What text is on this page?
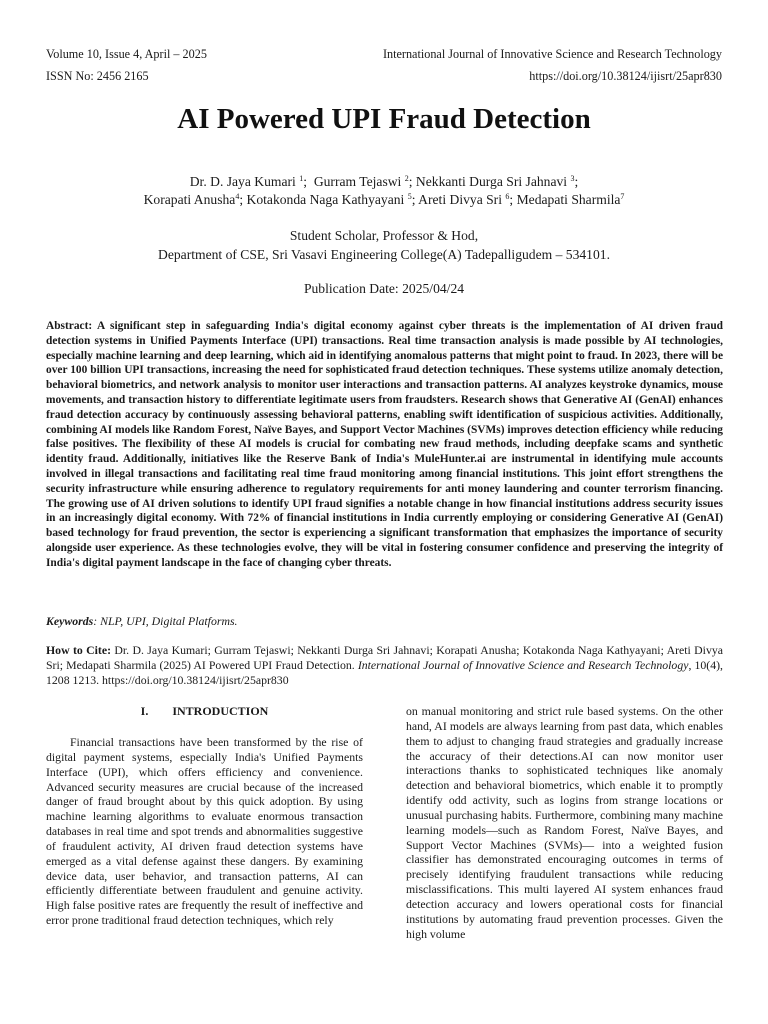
Volume 10, Issue 4, April – 2025
ISSN No: 2456 2165
International Journal of Innovative Science and Research Technology
https://doi.org/10.38124/ijisrt/25apr830
AI Powered UPI Fraud Detection
Dr. D. Jaya Kumari $^1$;  Gurram Tejaswi $^2$; Nekkanti Durga Sri Jahnavi $^3$;
Korapati Anusha$^4$; Kotakonda Naga Kathyayani $^5$; Areti Divya Sri $^6$; Medapati Sharmila$^7$
Student Scholar, Professor & Hod,
Department of CSE, Sri Vasavi Engineering College(A) Tadepalligudem – 534101.
Publication Date: 2025/04/24
Abstract: A significant step in safeguarding India's digital economy against cyber threats is the implementation of AI driven fraud detection systems in Unified Payments Interface (UPI) transactions. Real time transaction analysis is made possible by AI technologies, especially machine learning and deep learning, which aid in identifying anomalous patterns that might point to fraud. In 2023, there will be over 100 billion UPI transactions, increasing the need for sophisticated fraud detection techniques. These systems utilize anomaly detection, behavioral biometrics, and network analysis to monitor user interactions and transaction patterns. AI analyzes keystroke dynamics, mouse movements, and transaction history to differentiate legitimate users from fraudsters. Research shows that Generative AI (GenAI) enhances fraud detection accuracy by continuously assessing behavioral patterns, enabling swift identification of suspicious activities. Additionally, combining AI models like Random Forest, Naïve Bayes, and Support Vector Machines (SVMs) improves detection efficiency while reducing false positives. The flexibility of these AI models is crucial for combating new fraud methods, including deepfake scams and synthetic identity fraud. Additionally, initiatives like the Reserve Bank of India's MuleHunter.ai are instrumental in identifying mule accounts involved in illegal transactions and facilitating real time fraud monitoring among financial institutions. This joint effort strengthens the security infrastructure while ensuring adherence to regulatory requirements for anti money laundering and counter terrorism financing. The growing use of AI driven solutions to identify UPI fraud signifies a notable change in how financial institutions address security issues in an increasingly digital economy. With 72% of financial institutions in India currently employing or considering Generative AI (GenAI) based technology for fraud prevention, the sector is experiencing a significant transformation that emphasizes the importance of security alongside user experience. As these technologies evolve, they will be vital in fostering consumer confidence and preserving the integrity of India's digital payment landscape in the face of changing cyber threats.
Keywords: NLP, UPI, Digital Platforms.
How to Cite: Dr. D. Jaya Kumari; Gurram Tejaswi; Nekkanti Durga Sri Jahnavi; Korapati Anusha; Kotakonda Naga Kathyayani; Areti Divya Sri; Medapati Sharmila (2025) AI Powered UPI Fraud Detection. International Journal of Innovative Science and Research Technology, 10(4), 1208 1213. https://doi.org/10.38124/ijisrt/25apr830
I. INTRODUCTION

Financial transactions have been transformed by the rise of digital payment systems, especially India's Unified Payments Interface (UPI), which offers efficiency and convenience. Advanced security measures are crucial because of the increased danger of fraud brought about by this quick adoption. By using machine learning algorithms to evaluate enormous transaction databases in real time and spot trends and abnormalities suggestive of fraudulent activity, AI driven fraud detection systems have emerged as a vital defense against these dangers. By examining device data, user behavior, and transaction patterns, AI can efficiently differentiate between fraudulent and genuine activity. High false positive rates are frequently the result of ineffective and error prone traditional fraud detection techniques, which rely

on manual monitoring and strict rule based systems. On the other hand, AI models are always learning from past data, which enables them to adjust to changing fraud strategies and gradually increase the accuracy of their detections.AI can now monitor user interactions thanks to sophisticated techniques like anomaly detection and behavioral biometrics, which enable it to promptly identify odd activity, such as logins from strange locations or unusual purchasing habits. Furthermore, combining many machine learning models—such as Random Forest, Naïve Bayes, and Support Vector Machines (SVMs)— into a weighted fusion classifier has demonstrated encouraging outcomes in terms of precisely identifying fraudulent transactions while reducing misclassifications. This multi layered AI system enhances fraud detection accuracy and lowers operational costs for financial institutions by automating fraud prevention processes. Given the high volume
